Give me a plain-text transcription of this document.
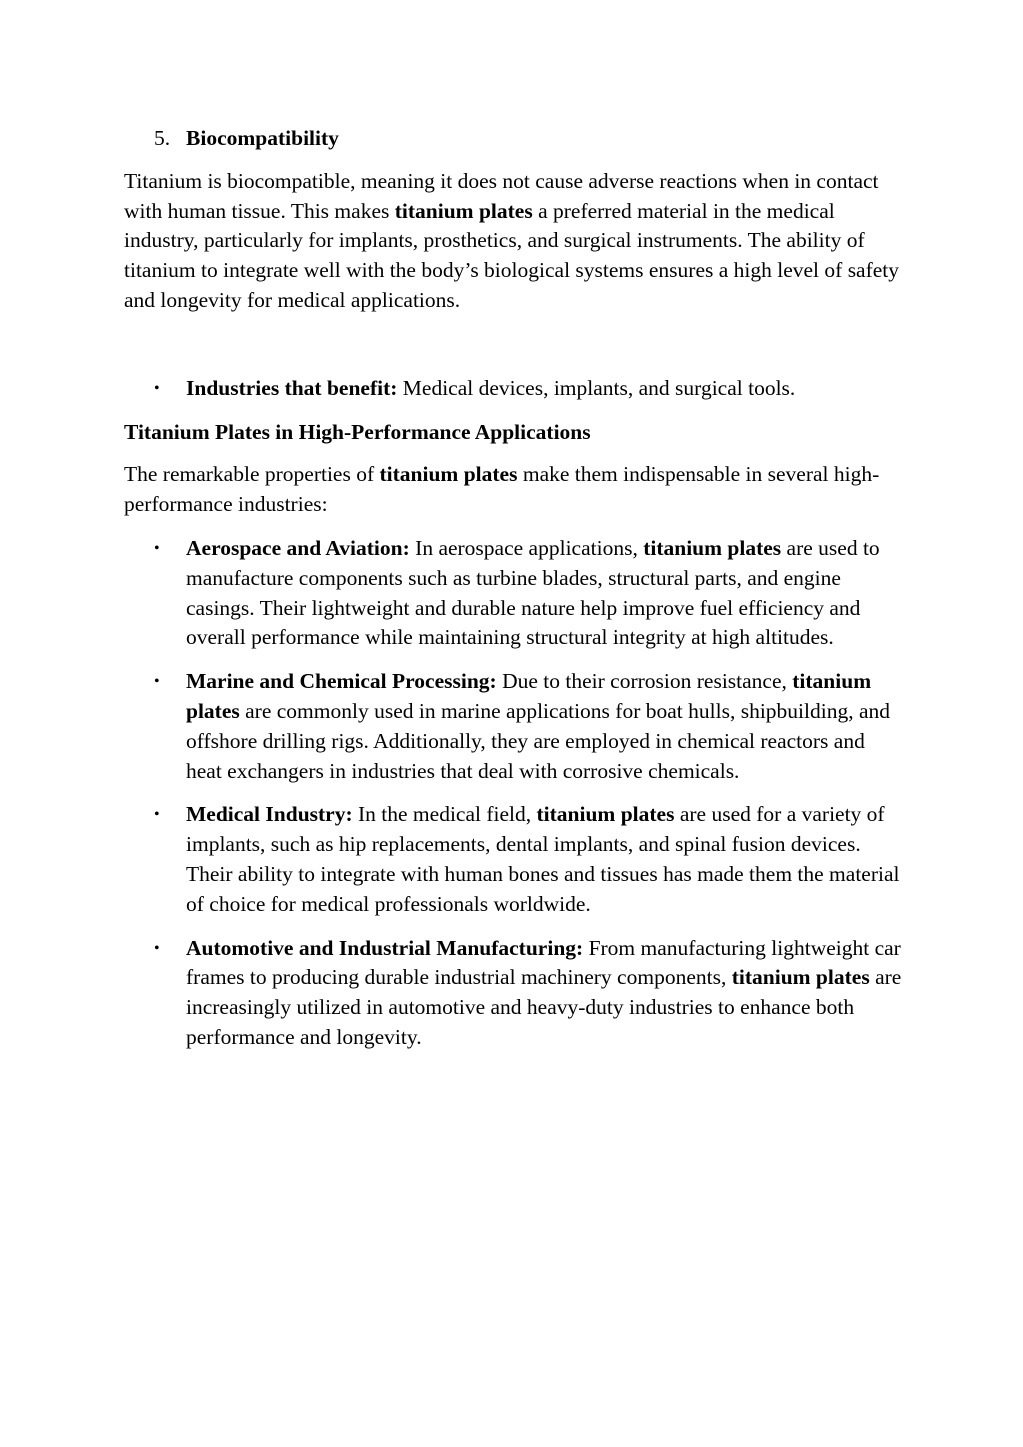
5. Biocompatibility

Titanium is biocompatible, meaning it does not cause adverse reactions when in contact with human tissue. This makes titanium plates a preferred material in the medical industry, particularly for implants, prosthetics, and surgical instruments. The ability of titanium to integrate well with the body’s biological systems ensures a high level of safety and longevity for medical applications.

• Industries that benefit: Medical devices, implants, and surgical tools.

Titanium Plates in High-Performance Applications

The remarkable properties of titanium plates make them indispensable in several high-performance industries:

• Aerospace and Aviation: In aerospace applications, titanium plates are used to manufacture components such as turbine blades, structural parts, and engine casings. Their lightweight and durable nature help improve fuel efficiency and overall performance while maintaining structural integrity at high altitudes.
• Marine and Chemical Processing: Due to their corrosion resistance, titanium plates are commonly used in marine applications for boat hulls, shipbuilding, and offshore drilling rigs. Additionally, they are employed in chemical reactors and heat exchangers in industries that deal with corrosive chemicals.
• Medical Industry: In the medical field, titanium plates are used for a variety of implants, such as hip replacements, dental implants, and spinal fusion devices. Their ability to integrate with human bones and tissues has made them the material of choice for medical professionals worldwide.
• Automotive and Industrial Manufacturing: From manufacturing lightweight car frames to producing durable industrial machinery components, titanium plates are increasingly utilized in automotive and heavy-duty industries to enhance both performance and longevity.
